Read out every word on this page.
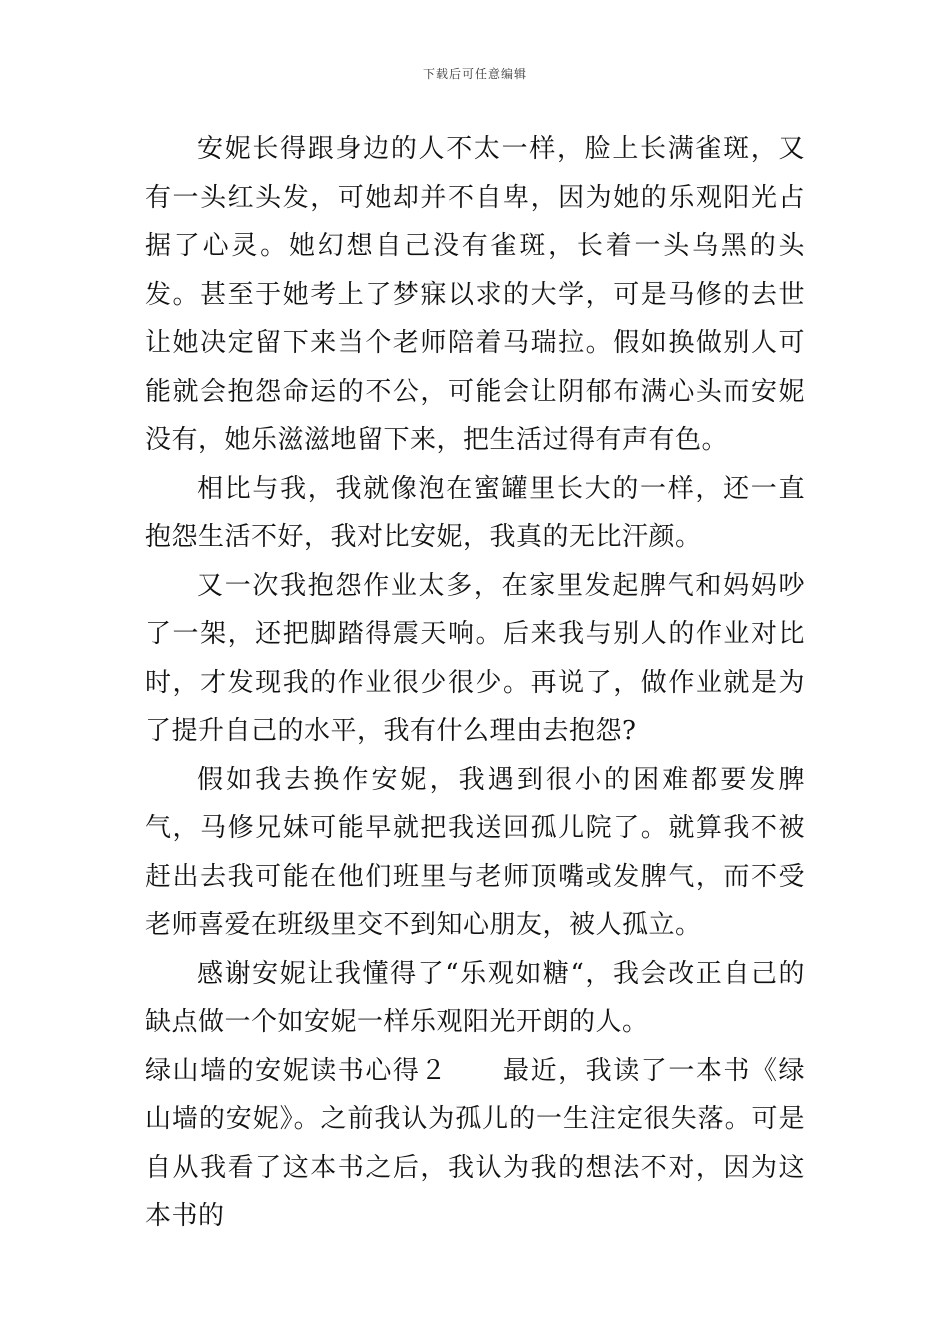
下载后可任意编辑

安妮长得跟身边的人不太一样，脸上长满雀斑，又有一头红头发，可她却并不自卑，因为她的乐观阳光占据了心灵。她幻想自己没有雀斑，长着一头乌黑的头发。甚至于她考上了梦寐以求的大学，可是马修的去世让她决定留下来当个老师陪着马瑞拉。假如换做别人可能就会抱怨命运的不公，可能会让阴郁布满心头而安妮没有，她乐滋滋地留下来，把生活过得有声有色。

相比与我，我就像泡在蜜罐里长大的一样，还一直抱怨生活不好，我对比安妮，我真的无比汗颜。

又一次我抱怨作业太多，在家里发起脾气和妈妈吵了一架，还把脚踏得震天响。后来我与别人的作业对比时，才发现我的作业很少很少。再说了，做作业就是为了提升自己的水平，我有什么理由去抱怨?

假如我去换作安妮，我遇到很小的困难都要发脾气，马修兄妹可能早就把我送回孤儿院了。就算我不被赶出去我可能在他们班里与老师顶嘴或发脾气，而不受老师喜爱在班级里交不到知心朋友，被人孤立。

感谢安妮让我懂得了“乐观如糖“，我会改正自己的缺点做一个如安妮一样乐观阳光开朗的人。

绿山墙的安妮读书心得２　　最近，我读了一本书《绿山墙的安妮》。之前我认为孤儿的一生注定很失落。可是自从我看了这本书之后，我认为我的想法不对，因为这本书的
